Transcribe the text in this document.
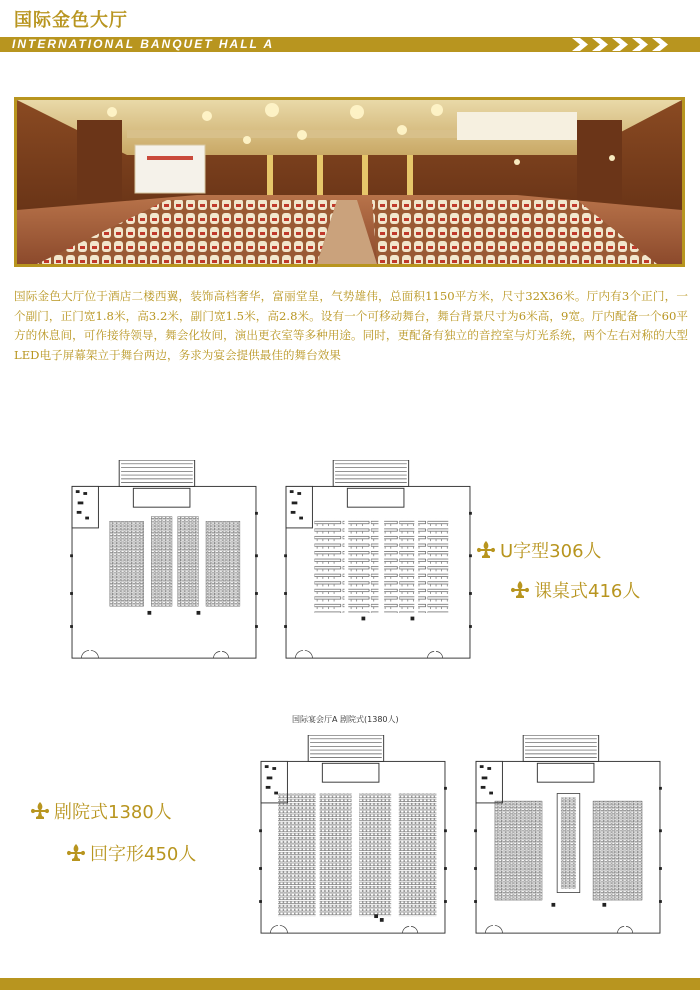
国际金色大厅
INTERNATIONAL BANQUET HALL A
国际金色大厅位于酒店二楼西翼，装饰高档奢华，富丽堂皇，气势雄伟，总面积1150平方米，尺寸32X36米。厅内有3个正门，一个副门，正门宽1.8米，高3.2米，副门宽1.5米，高2.8米。设有一个可移动舞台，舞台背景尺寸为6米高，9宽。厅内配备一个60平方的休息间，可作接待领导，舞会化妆间，演出更衣室等多种用途。同时，更配备有独立的音控室与灯光系统，两个左右对称的大型LED电子屏幕架立于舞台两边，务求为宴会提供最佳的舞台效果
国际宴会厅A 剧院式(1380人)
U字型306人
课桌式416人
剧院式1380人
回字形450人
